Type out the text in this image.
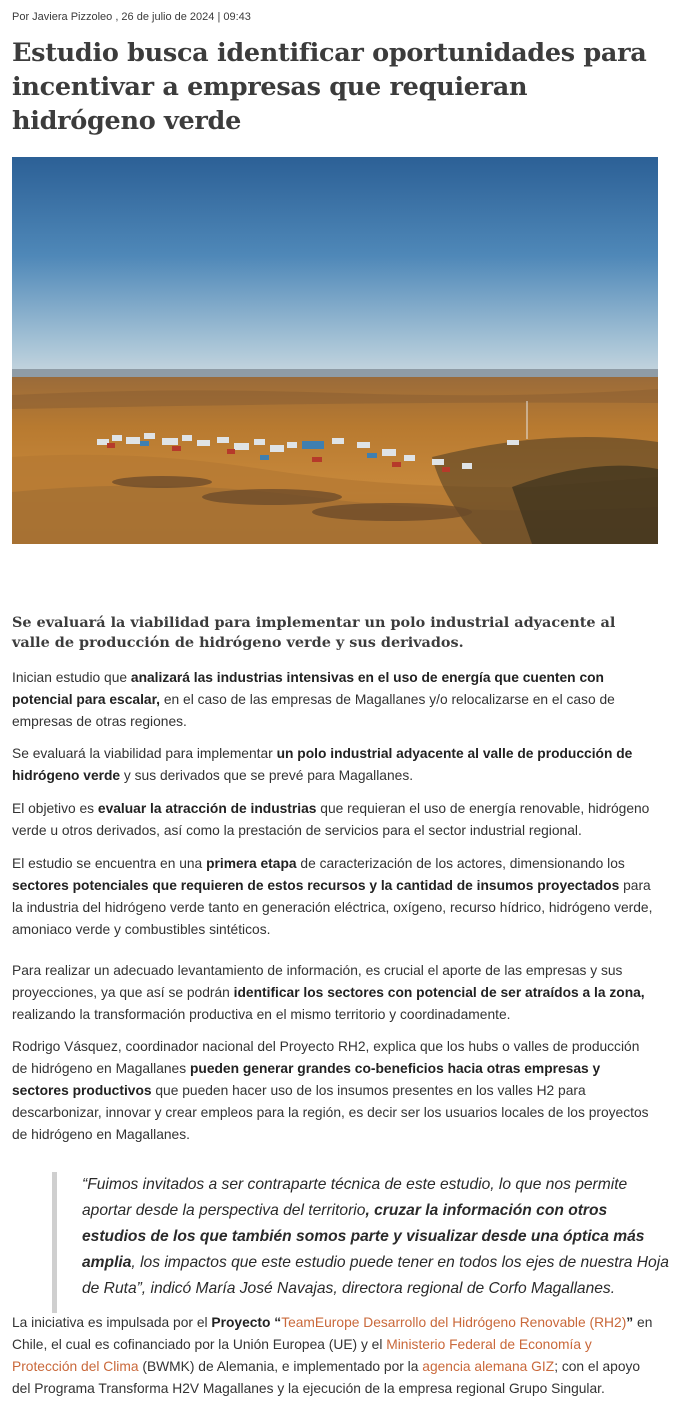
Por Javiera Pizzoleo , 26 de julio de 2024 | 09:43
Estudio busca identificar oportunidades para incentivar a empresas que requieran hidrógeno verde
Se evaluará la viabilidad para implementar un polo industrial adyacente al valle de producción de hidrógeno verde y sus derivados.

Inician estudio que analizará las industrias intensivas en el uso de energía que cuenten con potencial para escalar, en el caso de las empresas de Magallanes y/o relocalizarse en el caso de empresas de otras regiones.

Se evaluará la viabilidad para implementar un polo industrial adyacente al valle de producción de hidrógeno verde y sus derivados que se prevé para Magallanes.

El objetivo es evaluar la atracción de industrias que requieran el uso de energía renovable, hidrógeno verde u otros derivados, así como la prestación de servicios para el sector industrial regional.

El estudio se encuentra en una primera etapa de caracterización de los actores, dimensionando los sectores potenciales que requieren de estos recursos y la cantidad de insumos proyectados para la industria del hidrógeno verde tanto en generación eléctrica, oxígeno, recurso hídrico, hidrógeno verde, amoniaco verde y combustibles sintéticos.

Para realizar un adecuado levantamiento de información, es crucial el aporte de las empresas y sus proyecciones, ya que así se podrán identificar los sectores con potencial de ser atraídos a la zona, realizando la transformación productiva en el mismo territorio y coordinadamente.

Rodrigo Vásquez, coordinador nacional del Proyecto RH2, explica que los hubs o valles de producción de hidrógeno en Magallanes pueden generar grandes co-beneficios hacia otras empresas y sectores productivos que pueden hacer uso de los insumos presentes en los valles H2 para descarbonizar, innovar y crear empleos para la región, es decir ser los usuarios locales de los proyectos de hidrógeno en Magallanes.

“Fuimos invitados a ser contraparte técnica de este estudio, lo que nos permite aportar desde la perspectiva del territorio, cruzar la información con otros estudios de los que también somos parte y visualizar desde una óptica más amplia, los impactos que este estudio puede tener en todos los ejes de nuestra Hoja de Ruta”, indicó María José Navajas, directora regional de Corfo Magallanes.

La iniciativa es impulsada por el Proyecto “TeamEurope Desarrollo del Hidrógeno Renovable (RH2)” en Chile, el cual es cofinanciado por la Unión Europea (UE) y el Ministerio Federal de Economía y Protección del Clima (BWMK) de Alemania, e implementado por la agencia alemana GIZ; con el apoyo del Programa Transforma H2V Magallanes y la ejecución de la empresa regional Grupo Singular.
